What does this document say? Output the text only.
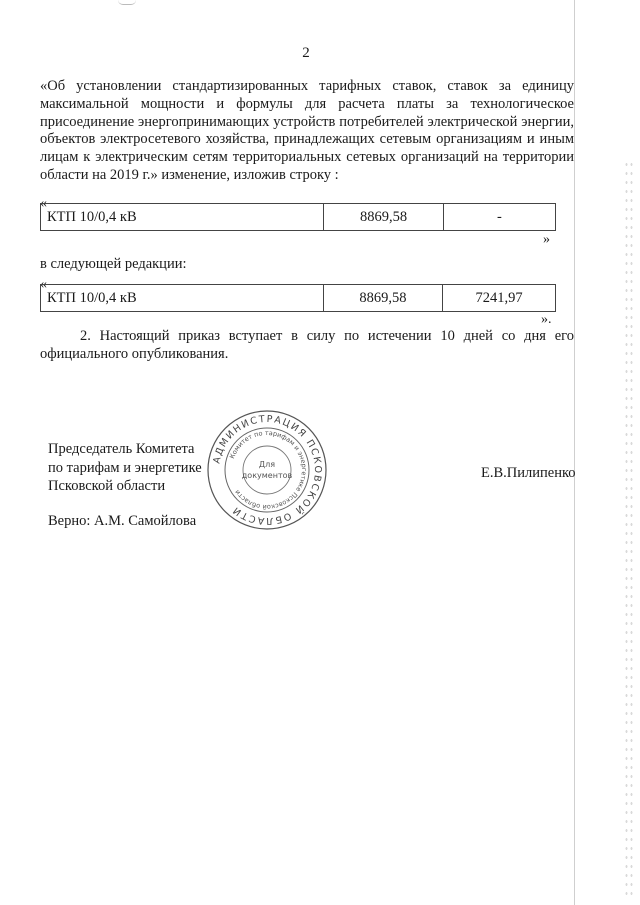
2
«Об установлении стандартизированных тарифных ставок, ставок за единицу максимальной мощности и формулы для расчета платы за технологическое присоединение энергопринимающих устройств потребителей электрической энергии, объектов электросетевого хозяйства, принадлежащих сетевым организациям и иным лицам к электрическим сетям территориальных сетевых организаций на территории области на 2019 г.» изменение, изложив строку :
«
КТП 10/0,4 кВ	8869,58	-
»
в следующей редакции:
«
КТП 10/0,4 кВ	8869,58	7241,97
».
2. Настоящий приказ вступает в силу по истечении 10 дней со дня его официального опубликования.
Председатель Комитета
по тарифам и энергетике
Псковской области
Е.В.Пилипенко
Верно: А.М. Самойлова
АДМИНИСТРАЦИЯ ПСКОВСКОЙ ОБЛАСТИ
Комитет по тарифам и энергетике Псковской области
Для
документов
